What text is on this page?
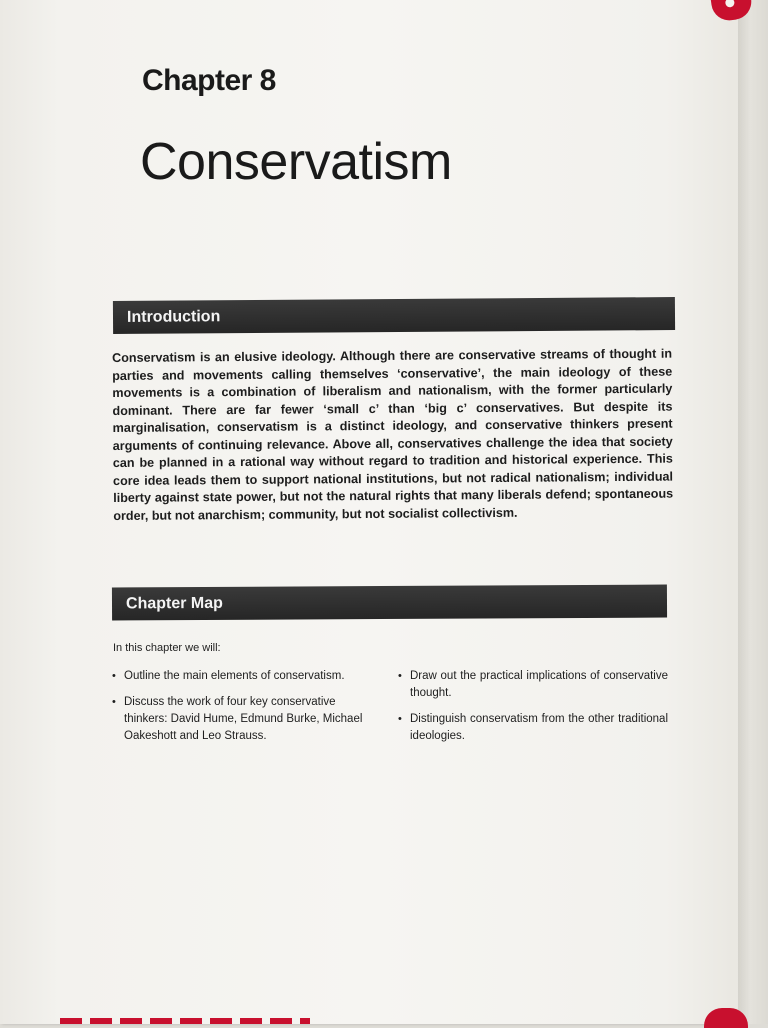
Chapter 8
Conservatism
Introduction

Conservatism is an elusive ideology. Although there are conservative streams of thought in parties and movements calling themselves ‘conservative’, the main ideology of these movements is a combination of liberalism and nationalism, with the former particularly dominant. There are far fewer ‘small c’ than ‘big c’ conservatives. But despite its marginalisation, conservatism is a distinct ideology, and conservative thinkers present arguments of continuing relevance. Above all, conservatives challenge the idea that society can be planned in a rational way without regard to tradition and historical experience. This core idea leads them to support national institutions, but not radical nationalism; individual liberty against state power, but not the natural rights that many liberals defend; spontaneous order, but not anarchism; community, but not socialist collectivism.

Chapter Map

In this chapter we will:

• Outline the main elements of conservatism.
• Discuss the work of four key conservative thinkers: David Hume, Edmund Burke, Michael Oakeshott and Leo Strauss.
• Draw out the practical implications of conservative thought.
• Distinguish conservatism from the other traditional ideologies.
